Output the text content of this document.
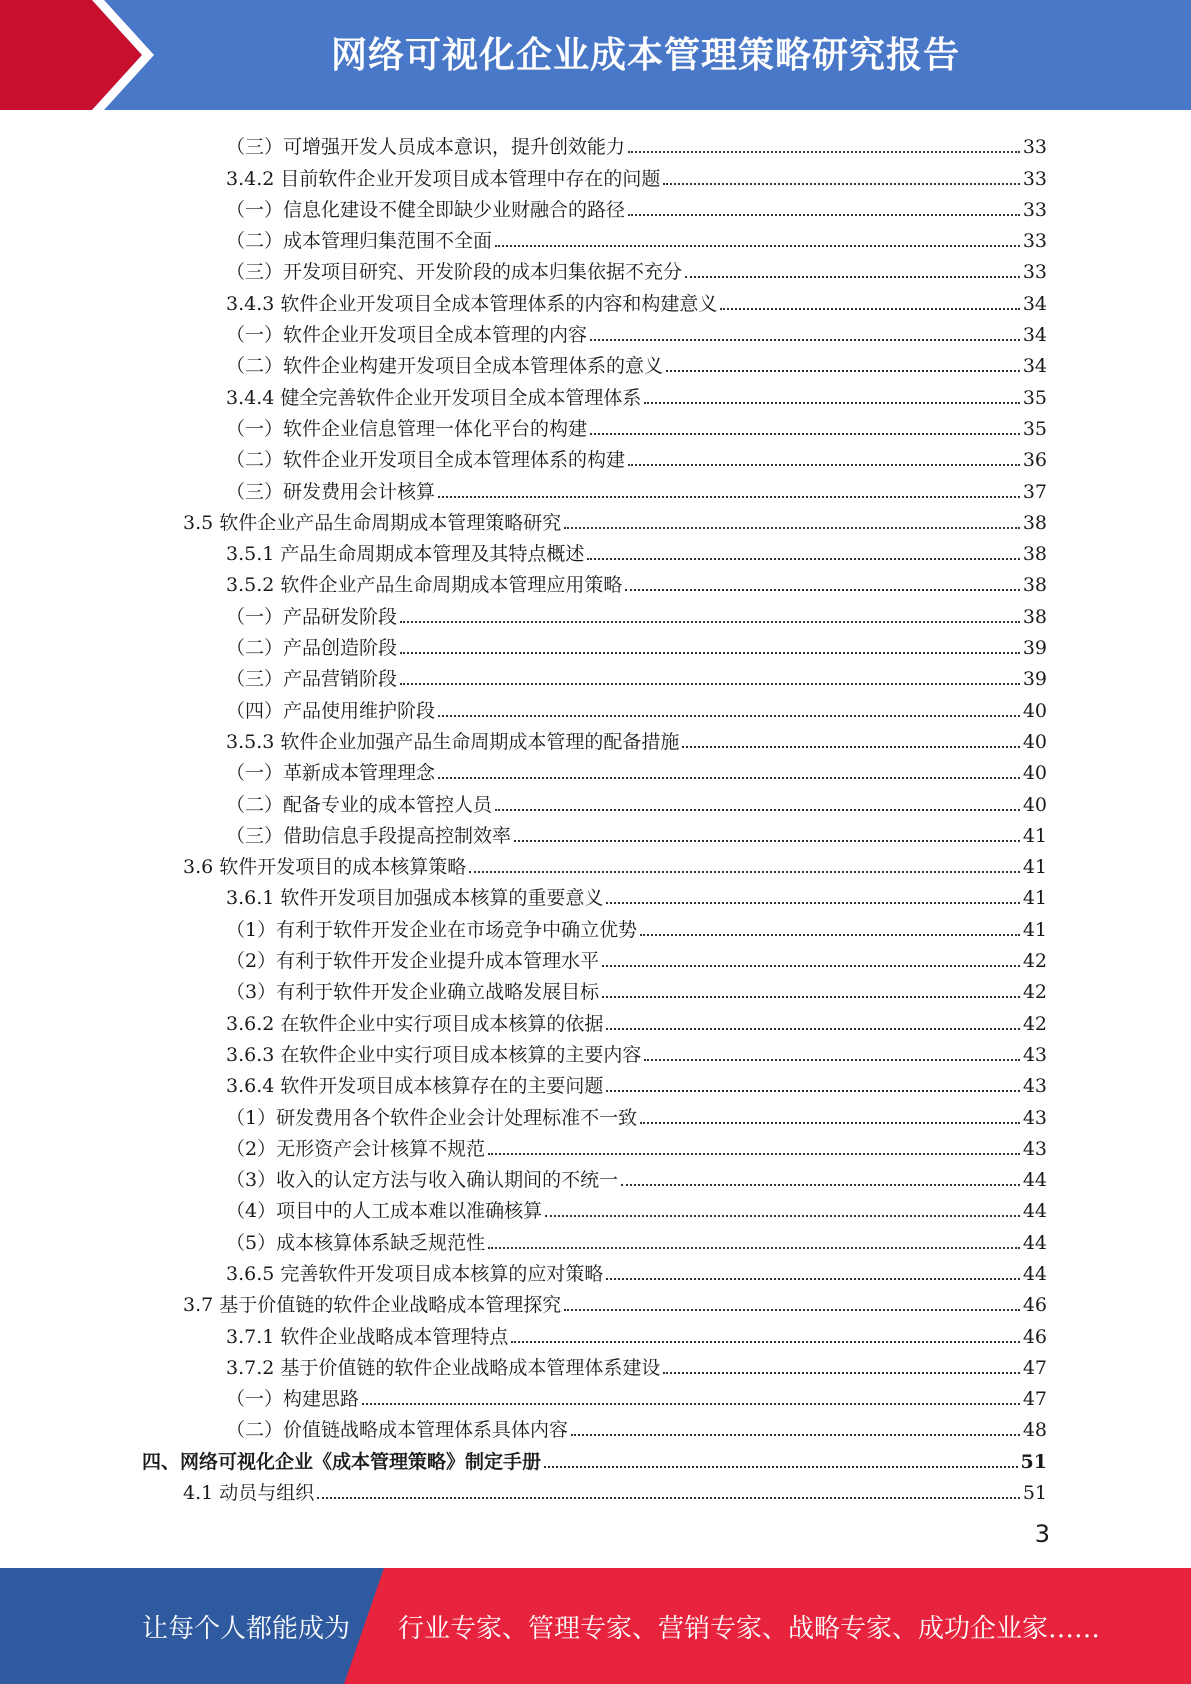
网络可视化企业成本管理策略研究报告
（三）可增强开发人员成本意识，提升创效能力	33
3.4.2 目前软件企业开发项目成本管理中存在的问题	33
（一）信息化建设不健全即缺少业财融合的路径	33
（二）成本管理归集范围不全面	33
（三）开发项目研究、开发阶段的成本归集依据不充分	33
3.4.3 软件企业开发项目全成本管理体系的内容和构建意义	34
（一）软件企业开发项目全成本管理的内容	34
（二）软件企业构建开发项目全成本管理体系的意义	34
3.4.4 健全完善软件企业开发项目全成本管理体系	35
（一）软件企业信息管理一体化平台的构建	35
（二）软件企业开发项目全成本管理体系的构建	36
（三）研发费用会计核算	37
3.5 软件企业产品生命周期成本管理策略研究	38
3.5.1 产品生命周期成本管理及其特点概述	38
3.5.2 软件企业产品生命周期成本管理应用策略	38
（一）产品研发阶段	38
（二）产品创造阶段	39
（三）产品营销阶段	39
（四）产品使用维护阶段	40
3.5.3 软件企业加强产品生命周期成本管理的配备措施	40
（一）革新成本管理理念	40
（二）配备专业的成本管控人员	40
（三）借助信息手段提高控制效率	41
3.6 软件开发项目的成本核算策略	41
3.6.1 软件开发项目加强成本核算的重要意义	41
（1）有利于软件开发企业在市场竞争中确立优势	41
（2）有利于软件开发企业提升成本管理水平	42
（3）有利于软件开发企业确立战略发展目标	42
3.6.2 在软件企业中实行项目成本核算的依据	42
3.6.3 在软件企业中实行项目成本核算的主要内容	43
3.6.4 软件开发项目成本核算存在的主要问题	43
（1）研发费用各个软件企业会计处理标准不一致	43
（2）无形资产会计核算不规范	43
（3）收入的认定方法与收入确认期间的不统一	44
（4）项目中的人工成本难以准确核算	44
（5）成本核算体系缺乏规范性	44
3.6.5 完善软件开发项目成本核算的应对策略	44
3.7 基于价值链的软件企业战略成本管理探究	46
3.7.1 软件企业战略成本管理特点	46
3.7.2 基于价值链的软件企业战略成本管理体系建设	47
（一）构建思路	47
（二）价值链战略成本管理体系具体内容	48
四、网络可视化企业《成本管理策略》制定手册	51
4.1 动员与组织	51
3
让每个人都能成为 行业专家、管理专家、营销专家、战略专家、成功企业家……
